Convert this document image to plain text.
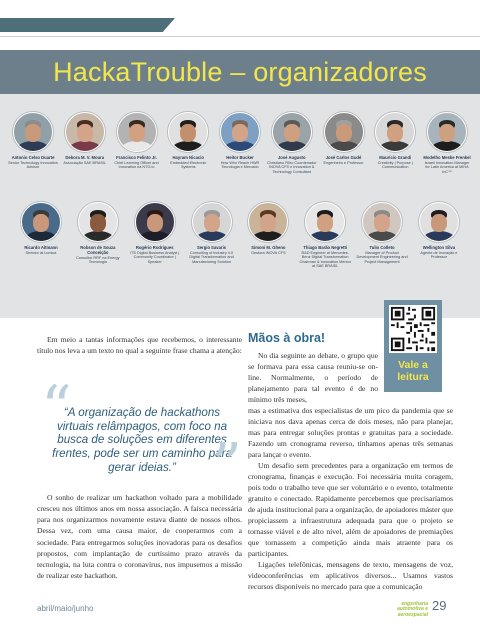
HackaTrouble – organizadores
Antonio Celso Duarte
Senior Technology Innovation Advisor
Debora M. V. Moura
Associação SAE BRASIL
Francisco Felinto Jr.
Chief Learning Officer and Innovation na NTG.io
Hayram Nicacio
Embedded Electronic Systems
Heitor Bucker
How Who Reach HWR Tecnologia e Mercado
José Augusto
Christiano Filho Coordenador INOVA CFS e Innovation & Technology Consultant
José Carlos Gudé
Engenheiro e Professor
Maurício Grandi
Creativity | Purpose | Communication
Modelho Meske Frenkel
Israeli Innovation Manager for Latin America at MIHA InC™
Ricardo Altmann
Director at Lumica
Robson de Souza Conceição
Consultor RRF na Energy Tecnologia
Rogério Rodrigues
ITS Digital Business Analyst | Community Coordinator | Speaker
Sergio Savaris
Consulting of Industry 4.0 Digital Transformation and Manufacturing Solution
Simoni M. Gheno
Gestora INOVA CFS
Thiago Barão Negretti
R&D Engineer at Mercedes-Benz Digital Transformation Chairman & Innovation Mentor at SAE BRASIL
Tulio Colleto
Manager of Product Development Engineering and Project Management
Wellington Silva
Agente de Inovação e Professor

Em meio a tantas informações que recebemos, o interessante título nos leva a um texto no qual a seguinte frase chama a atenção:

“
“A organização de hackathons virtuais relâmpagos, com foco na busca de soluções em diferentes frentes, pode ser um caminho para gerar ideias.” ”

O sonho de realizar um hackathon voltado para a mobilidade cresceu nos últimos anos em nossa associação. A faísca necessária para nos organizarmos novamente estava diante de nossos olhos. Dessa vez, com uma causa maior, de cooperarmos com a sociedade. Para entregarmos soluções inovadoras para os desafios propostos, com implantação de curtíssimo prazo através da tecnologia, na luta contra o coronavírus, nos impusemos a missão de realizar este hackathon.

Mãos à obra!

No dia seguinte ao debate, o grupo que se formava para essa causa reuniu-se on-line. Normalmente, o período de planejamento para tal evento é de no mínimo três meses,

mas a estimativa dos especialistas de um pico da pandemia que se iniciava nos dava apenas cerca de dois meses, não para planejar, mas para entregar soluções prontas e gratuitas para a sociedade. Fazendo um cronograma reverso, tínhamos apenas três semanas para lançar o evento.

Um desafio sem precedentes para a organização em termos de cronograma, finanças e execução. Foi necessária muita coragem, pois todo o trabalho teve que ser voluntário e o evento, totalmente gratuito e conectado. Rapidamente percebemos que precisaríamos de ajuda institucional para a organização, de apoiadores máster que propiciassem a infraestrutura adequada para que o projeto se tornasse viável e de alto nível, além de apoiadores de premiações que tornassem a competição ainda mais atraente para os participantes.

Ligações telefônicas, mensagens de texto, mensagens de voz, videoconferências em aplicativos diversos... Usamos vastos recursos disponíveis no mercado para que a comunicação

Vale a leitura
abril/maio/junho	engenharia automotiva e aeroespacial
29
